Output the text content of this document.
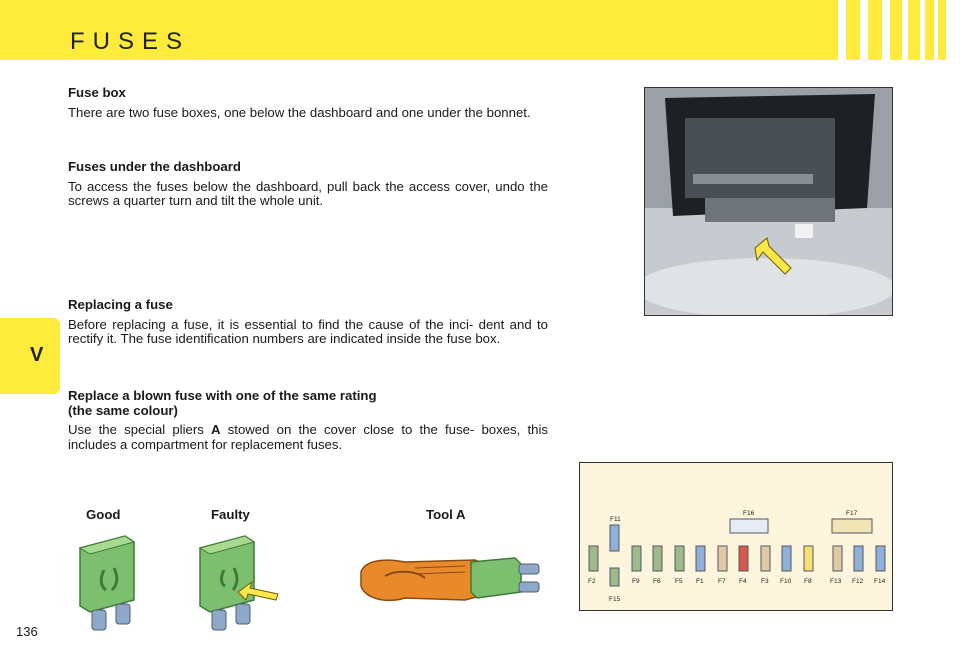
FUSES
V

Fuse box

There are two fuse boxes, one below the dashboard and one under the bonnet.

Fuses under the dashboard

To access the fuses below the dashboard, pull back the access cover, undo the screws a quarter turn and tilt the whole unit.

Replacing a fuse

Before replacing a fuse, it is essential to find the cause of the inci- dent and to rectify it. The fuse identification numbers are indicated inside the fuse box.

Replace a blown fuse with one of the same rating

(the same colour)

Use the special pliers A stowed on the cover close to the fuse- boxes, this includes a compartment for replacement fuses.

Good	Faulty	Tool A	F11
F16	F17
F2	F9 F6 F5 F1 F7 F4 F3 F10 F8	F13 F12 F14
F15
136
